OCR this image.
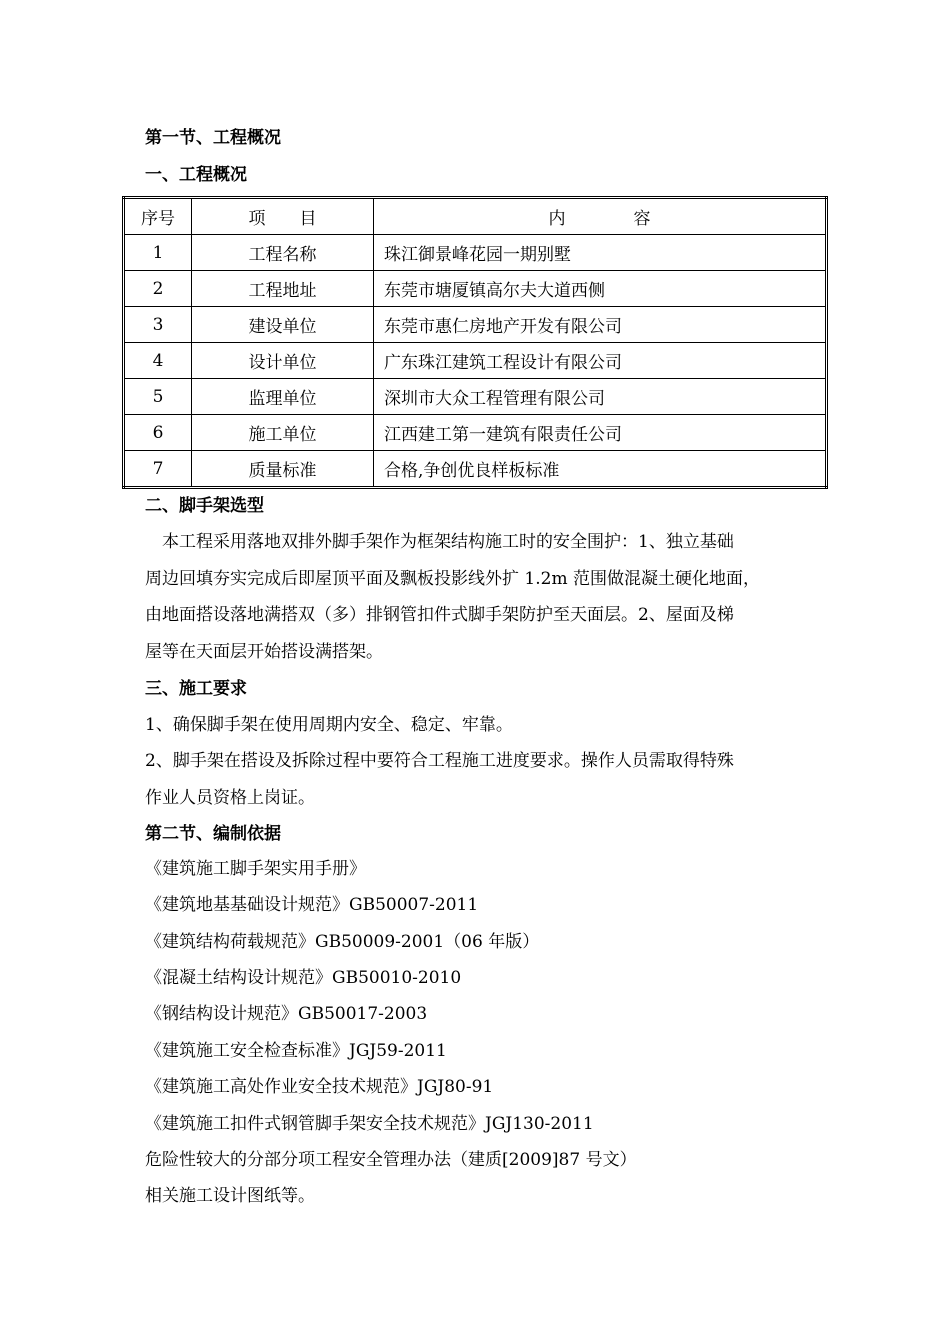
第一节、工程概况
一、工程概况
序号	项　　目	内　　　　容
1	工程名称	珠江御景峰花园一期别墅
2	工程地址	东莞市塘厦镇高尔夫大道西侧
3	建设单位	东莞市惠仁房地产开发有限公司
4	设计单位	广东珠江建筑工程设计有限公司
5	监理单位	深圳市大众工程管理有限公司
6	施工单位	江西建工第一建筑有限责任公司
7	质量标准	合格,争创优良样板标准
二、脚手架选型
　本工程采用落地双排外脚手架作为框架结构施工时的安全围护：1、独立基础
周边回填夯实完成后即屋顶平面及飘板投影线外扩 1.2m 范围做混凝土硬化地面，
由地面搭设落地满搭双（多）排钢管扣件式脚手架防护至天面层。2、屋面及梯
屋等在天面层开始搭设满搭架。
三、施工要求
1、确保脚手架在使用周期内安全、稳定、牢靠。
2、脚手架在搭设及拆除过程中要符合工程施工进度要求。操作人员需取得特殊
作业人员资格上岗证。
第二节、编制依据
《建筑施工脚手架实用手册》
《建筑地基基础设计规范》GB50007-2011
《建筑结构荷载规范》GB50009-2001（06 年版）
《混凝土结构设计规范》GB50010-2010
《钢结构设计规范》GB50017-2003
《建筑施工安全检查标准》JGJ59-2011
《建筑施工高处作业安全技术规范》JGJ80-91
《建筑施工扣件式钢管脚手架安全技术规范》JGJ130-2011
危险性较大的分部分项工程安全管理办法（建质[2009]87 号文）
相关施工设计图纸等。
